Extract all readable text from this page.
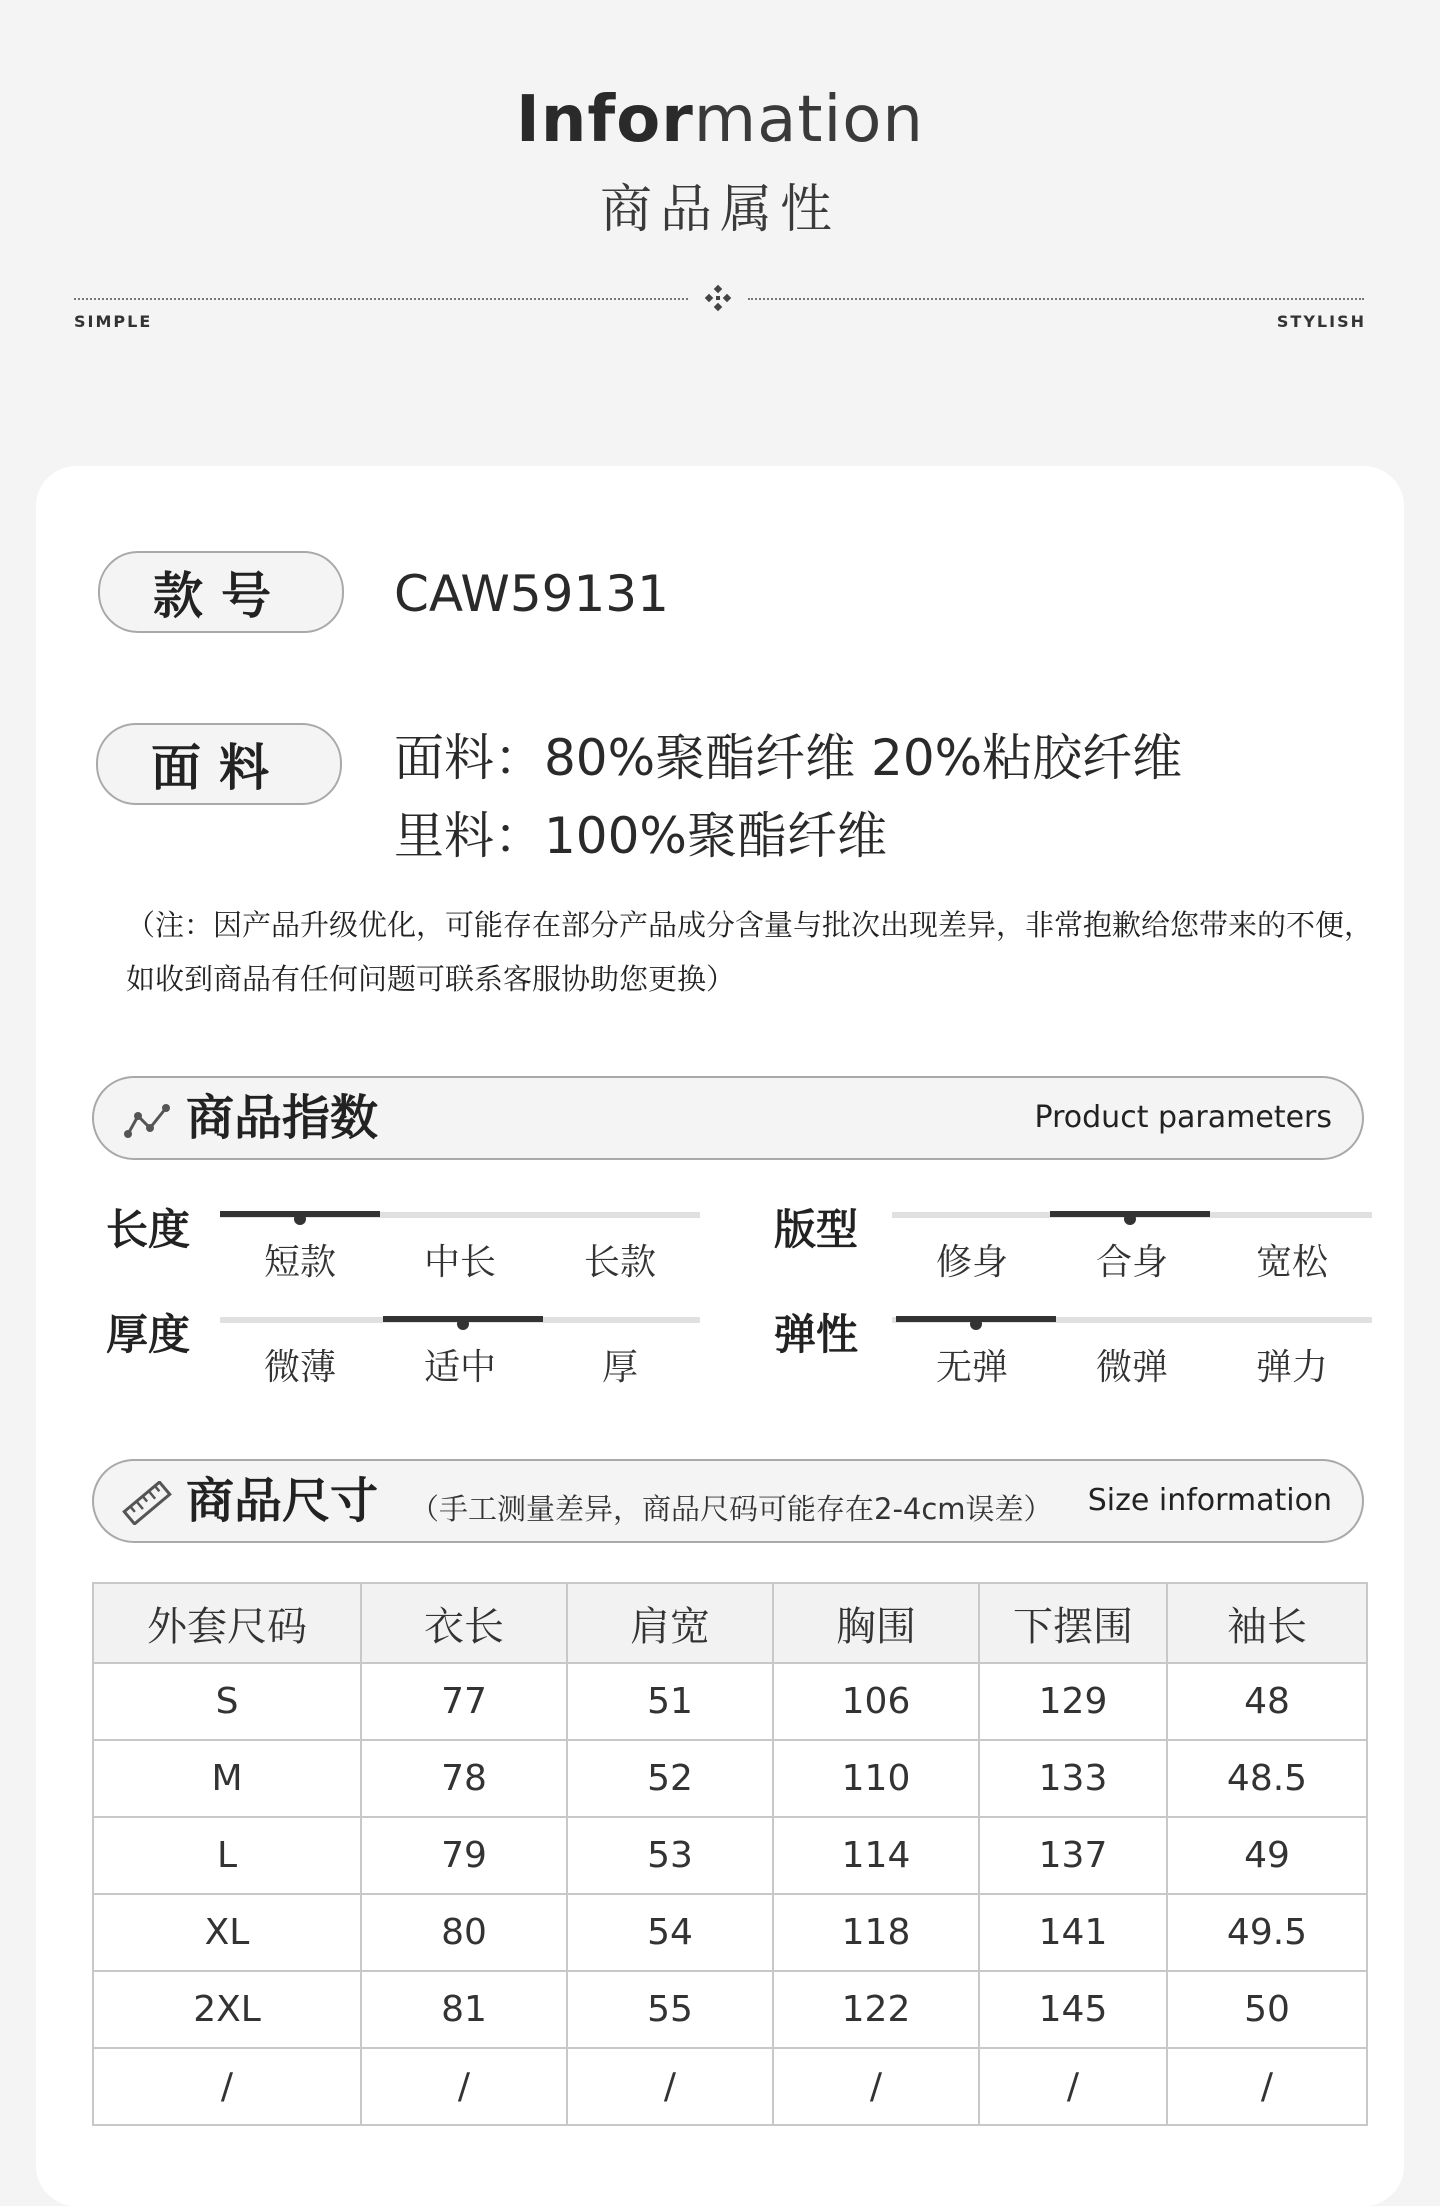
Information
商品属性
SIMPLE	STYLISH
款号	CAW59131
面料	面料：80%聚酯纤维 20%粘胶纤维
里料：100%聚酯纤维
（注：因产品升级优化，可能存在部分产品成分含量与批次出现差异，非常抱歉给您带来的不便，
如收到商品有任何问题可联系客服协助您更换）
商品指数	Product parameters
长度
短款	中长	长款
版型
修身	合身	宽松
厚度
微薄	适中	厚
弹性
无弹	微弹	弹力
商品尺寸 （手工测量差异，商品尺码可能存在2-4cm误差） Size information
外套尺码	衣长	肩宽	胸围	下摆围	袖长
S	77	51	106	129	48
M	78	52	110	133	48.5
L	79	53	114	137	49
XL	80	54	118	141	49.5
2XL	81	55	122	145	50
/	/	/	/	/	/
